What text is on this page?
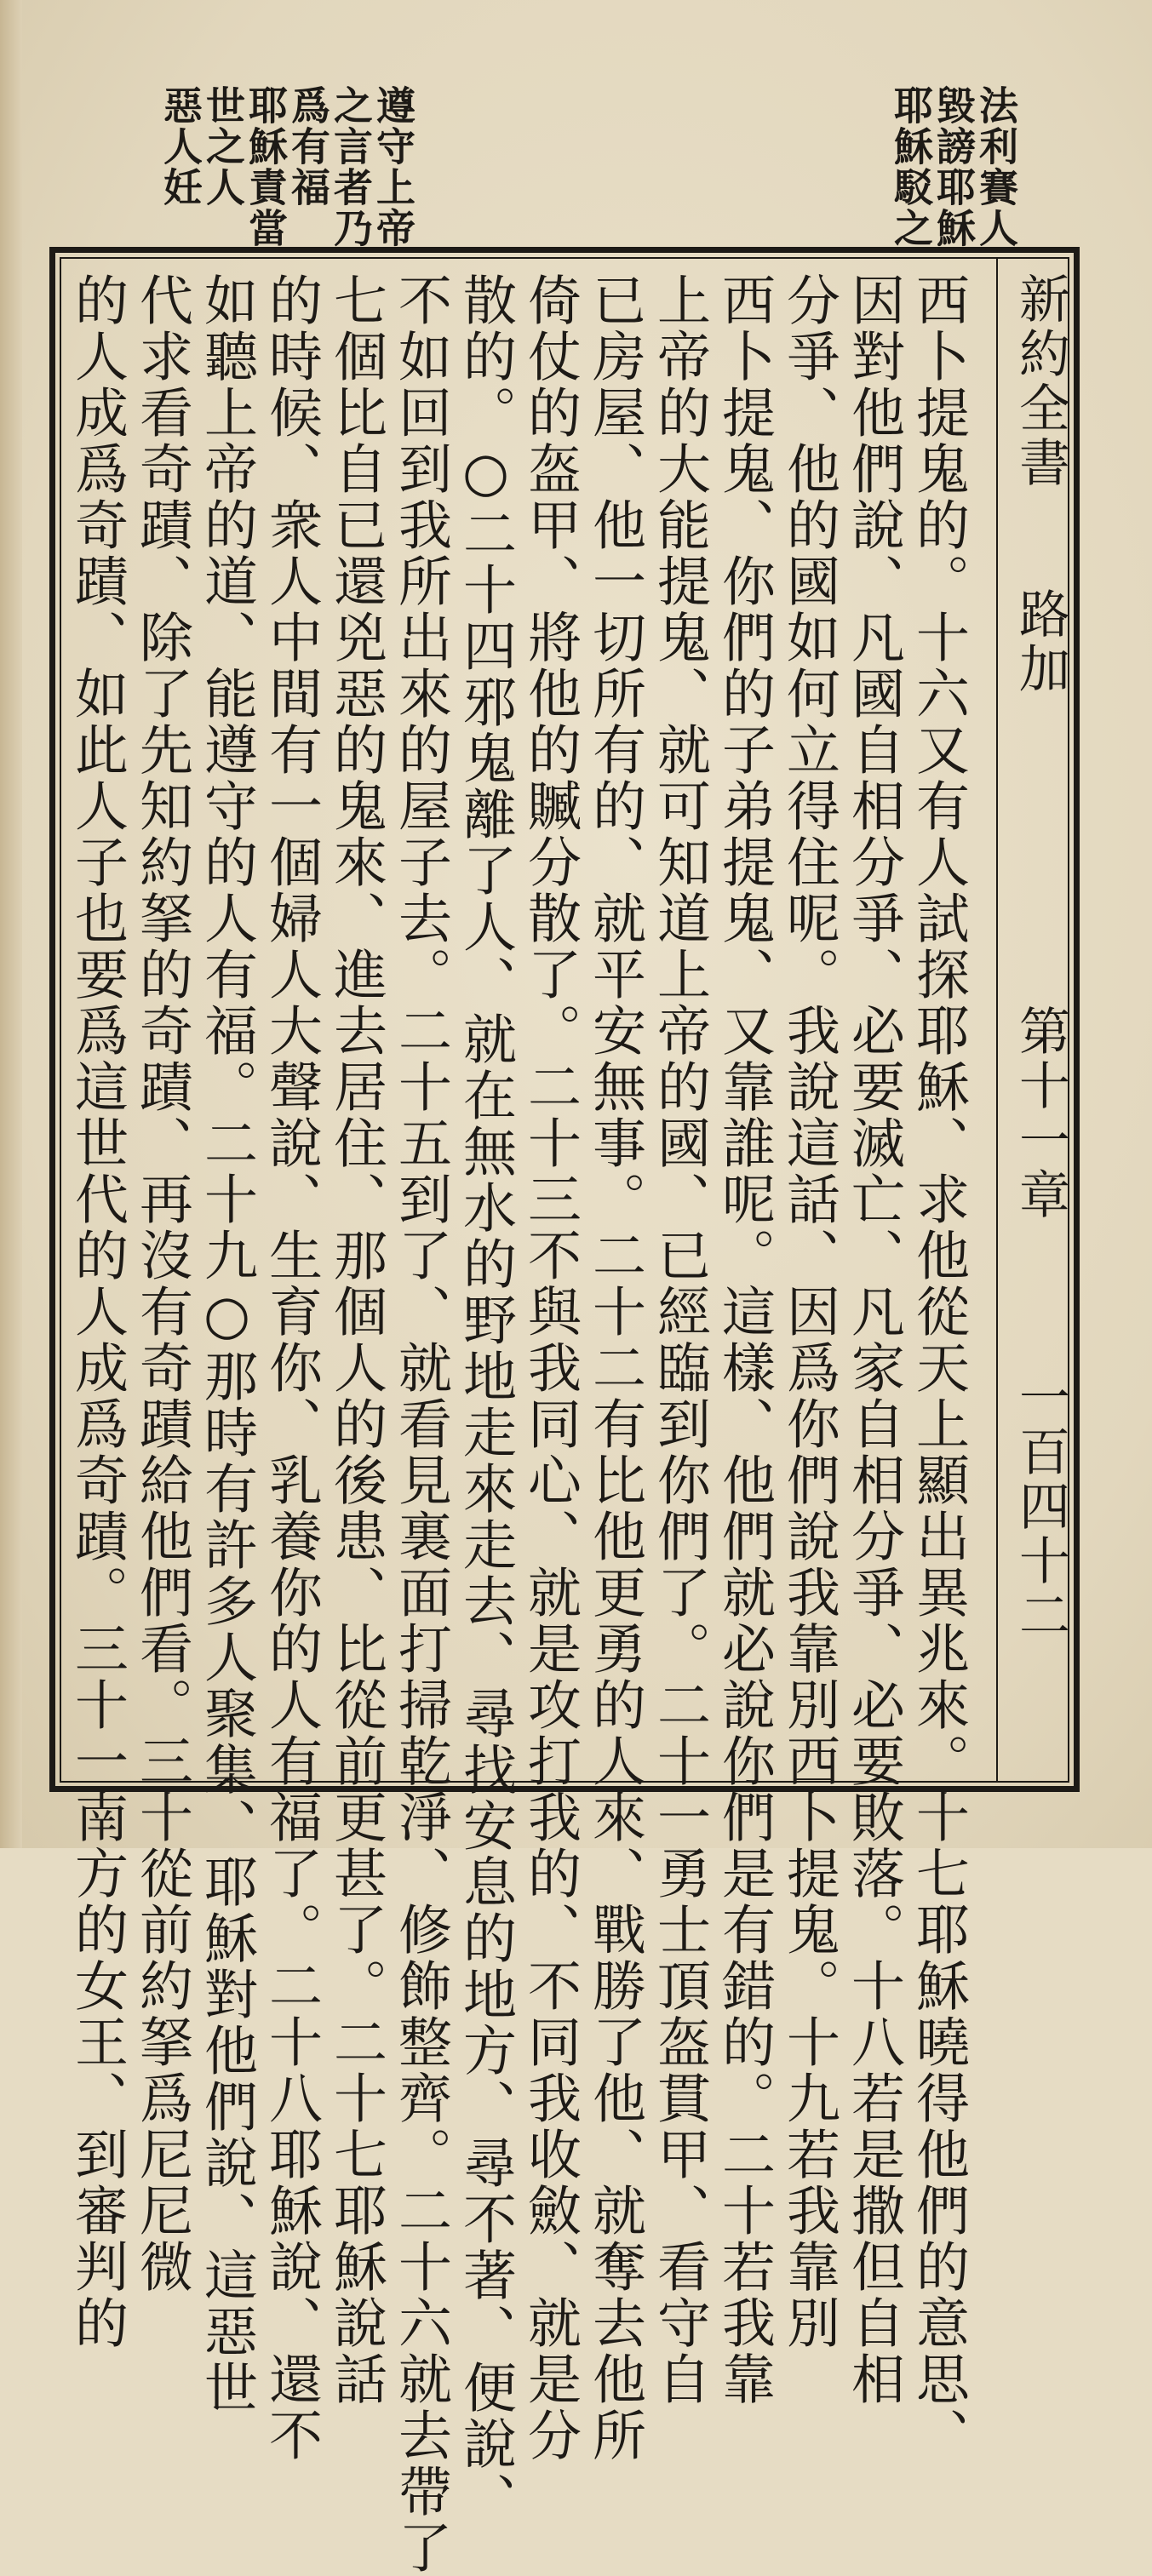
法利賽人
毀謗耶穌
耶穌駁之
遵守上帝
之言者乃
爲有福
耶穌責當
世之人
惡人妊
新約全書
路加
第十一章
一百四十二
西卜提鬼的。十六又有人試探耶穌、求他從天上顯出異兆來。十七耶穌曉得他們的意思、
因對他們說、凡國自相分爭、必要滅亡、凡家自相分爭、必要敗落。十八若是撒但自相
分爭、他的國如何立得住呢。我說這話、因爲你們說我靠別西卜提鬼。十九若我靠別
西卜提鬼、你們的子弟提鬼、又靠誰呢。這樣、他們就必說你們是有錯的。二十若我靠
上帝的大能提鬼、就可知道上帝的國、已經臨到你們了。二十一勇士頂盔貫甲、看守自
已房屋、他一切所有的、就平安無事。二十二有比他更勇的人來、戰勝了他、就奪去他所
倚仗的盔甲、將他的贓分散了。二十三不與我同心、就是攻打我的、不同我收斂、就是分
散的。○二十四邪鬼離了人、就在無水的野地走來走去、尋找安息的地方、尋不著、便說、
不如回到我所出來的屋子去。二十五到了、就看見裏面打掃乾淨、修飾整齊。二十六就去帶了
七個比自已還兇惡的鬼來、進去居住、那個人的後患、比從前更甚了。二十七耶穌說話
的時候、衆人中間有一個婦人大聲說、生育你、乳養你的人有福了。二十八耶穌說、還不
如聽上帝的道、能遵守的人有福。二十九○那時有許多人聚集、耶穌對他們說、這惡世
代求看奇蹟、除了先知約拏的奇蹟、再沒有奇蹟給他們看。三十從前約拏爲尼尼微
的人成爲奇蹟、如此人子也要爲這世代的人成爲奇蹟。三十一南方的女王、到審判的
